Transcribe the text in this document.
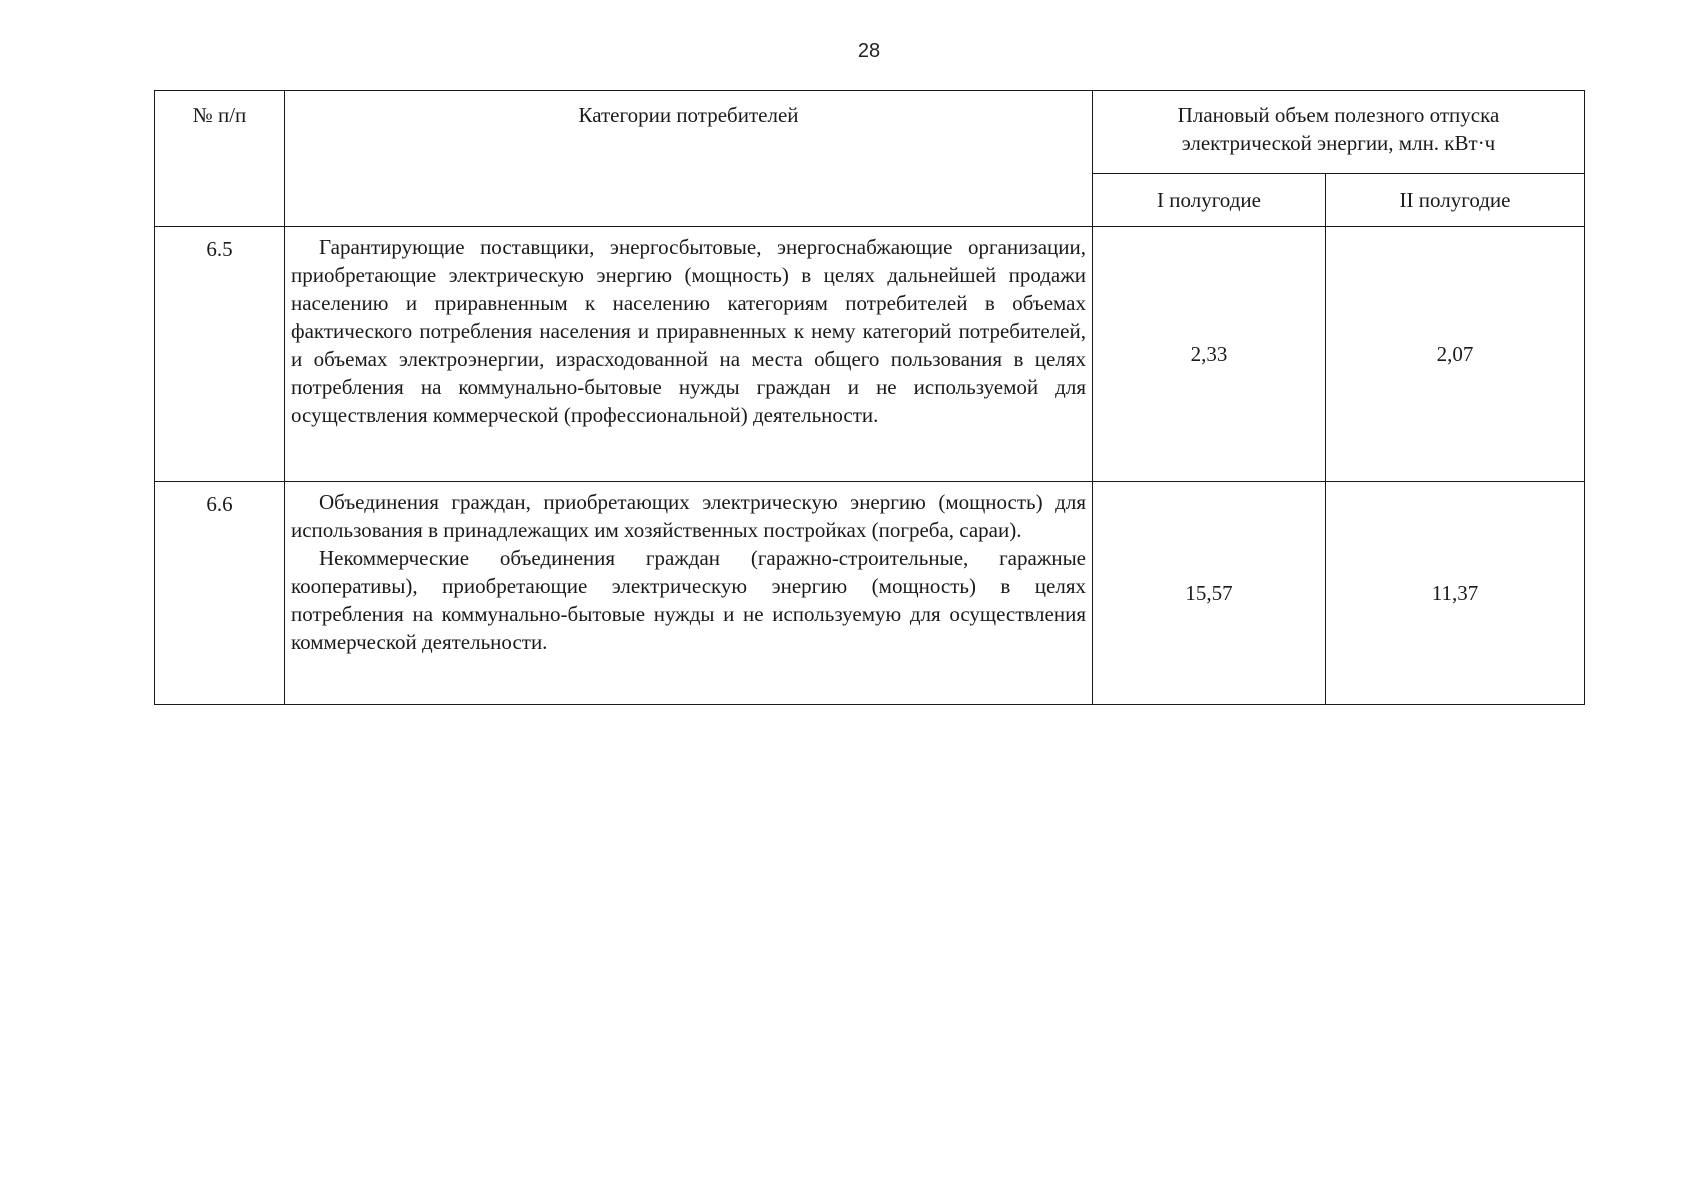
28
№ п/п	Категории потребителей	Плановый объем полезного отпуска
электрической энергии, млн. кВт·ч	
		I полугодие	II полугодие
6.5	Гарантирующие поставщики, энергосбытовые, энергоснабжающие организации, приобретающие электрическую энергию (мощность) в целях дальнейшей продажи населению и приравненным к населению категориям потребителей в объемах фактического потребления населения и приравненных к нему категорий потребителей, и объемах электроэнергии, израсходованной на места общего пользования в целях потребления на коммунально-бытовые нужды граждан и не используемой для осуществления коммерческой (профессиональной) деятельности.	2,33	2,07
6.6	Объединения граждан, приобретающих электрическую энергию (мощность) для использования в принадлежащих им хозяйственных постройках (погреба, сараи).

Некоммерческие объединения граждан (гаражно-строительные, гаражные кооперативы), приобретающие электрическую энергию (мощность) в целях потребления на коммунально-бытовые нужды и не используемую для осуществления коммерческой деятельности.	15,57	11,37
